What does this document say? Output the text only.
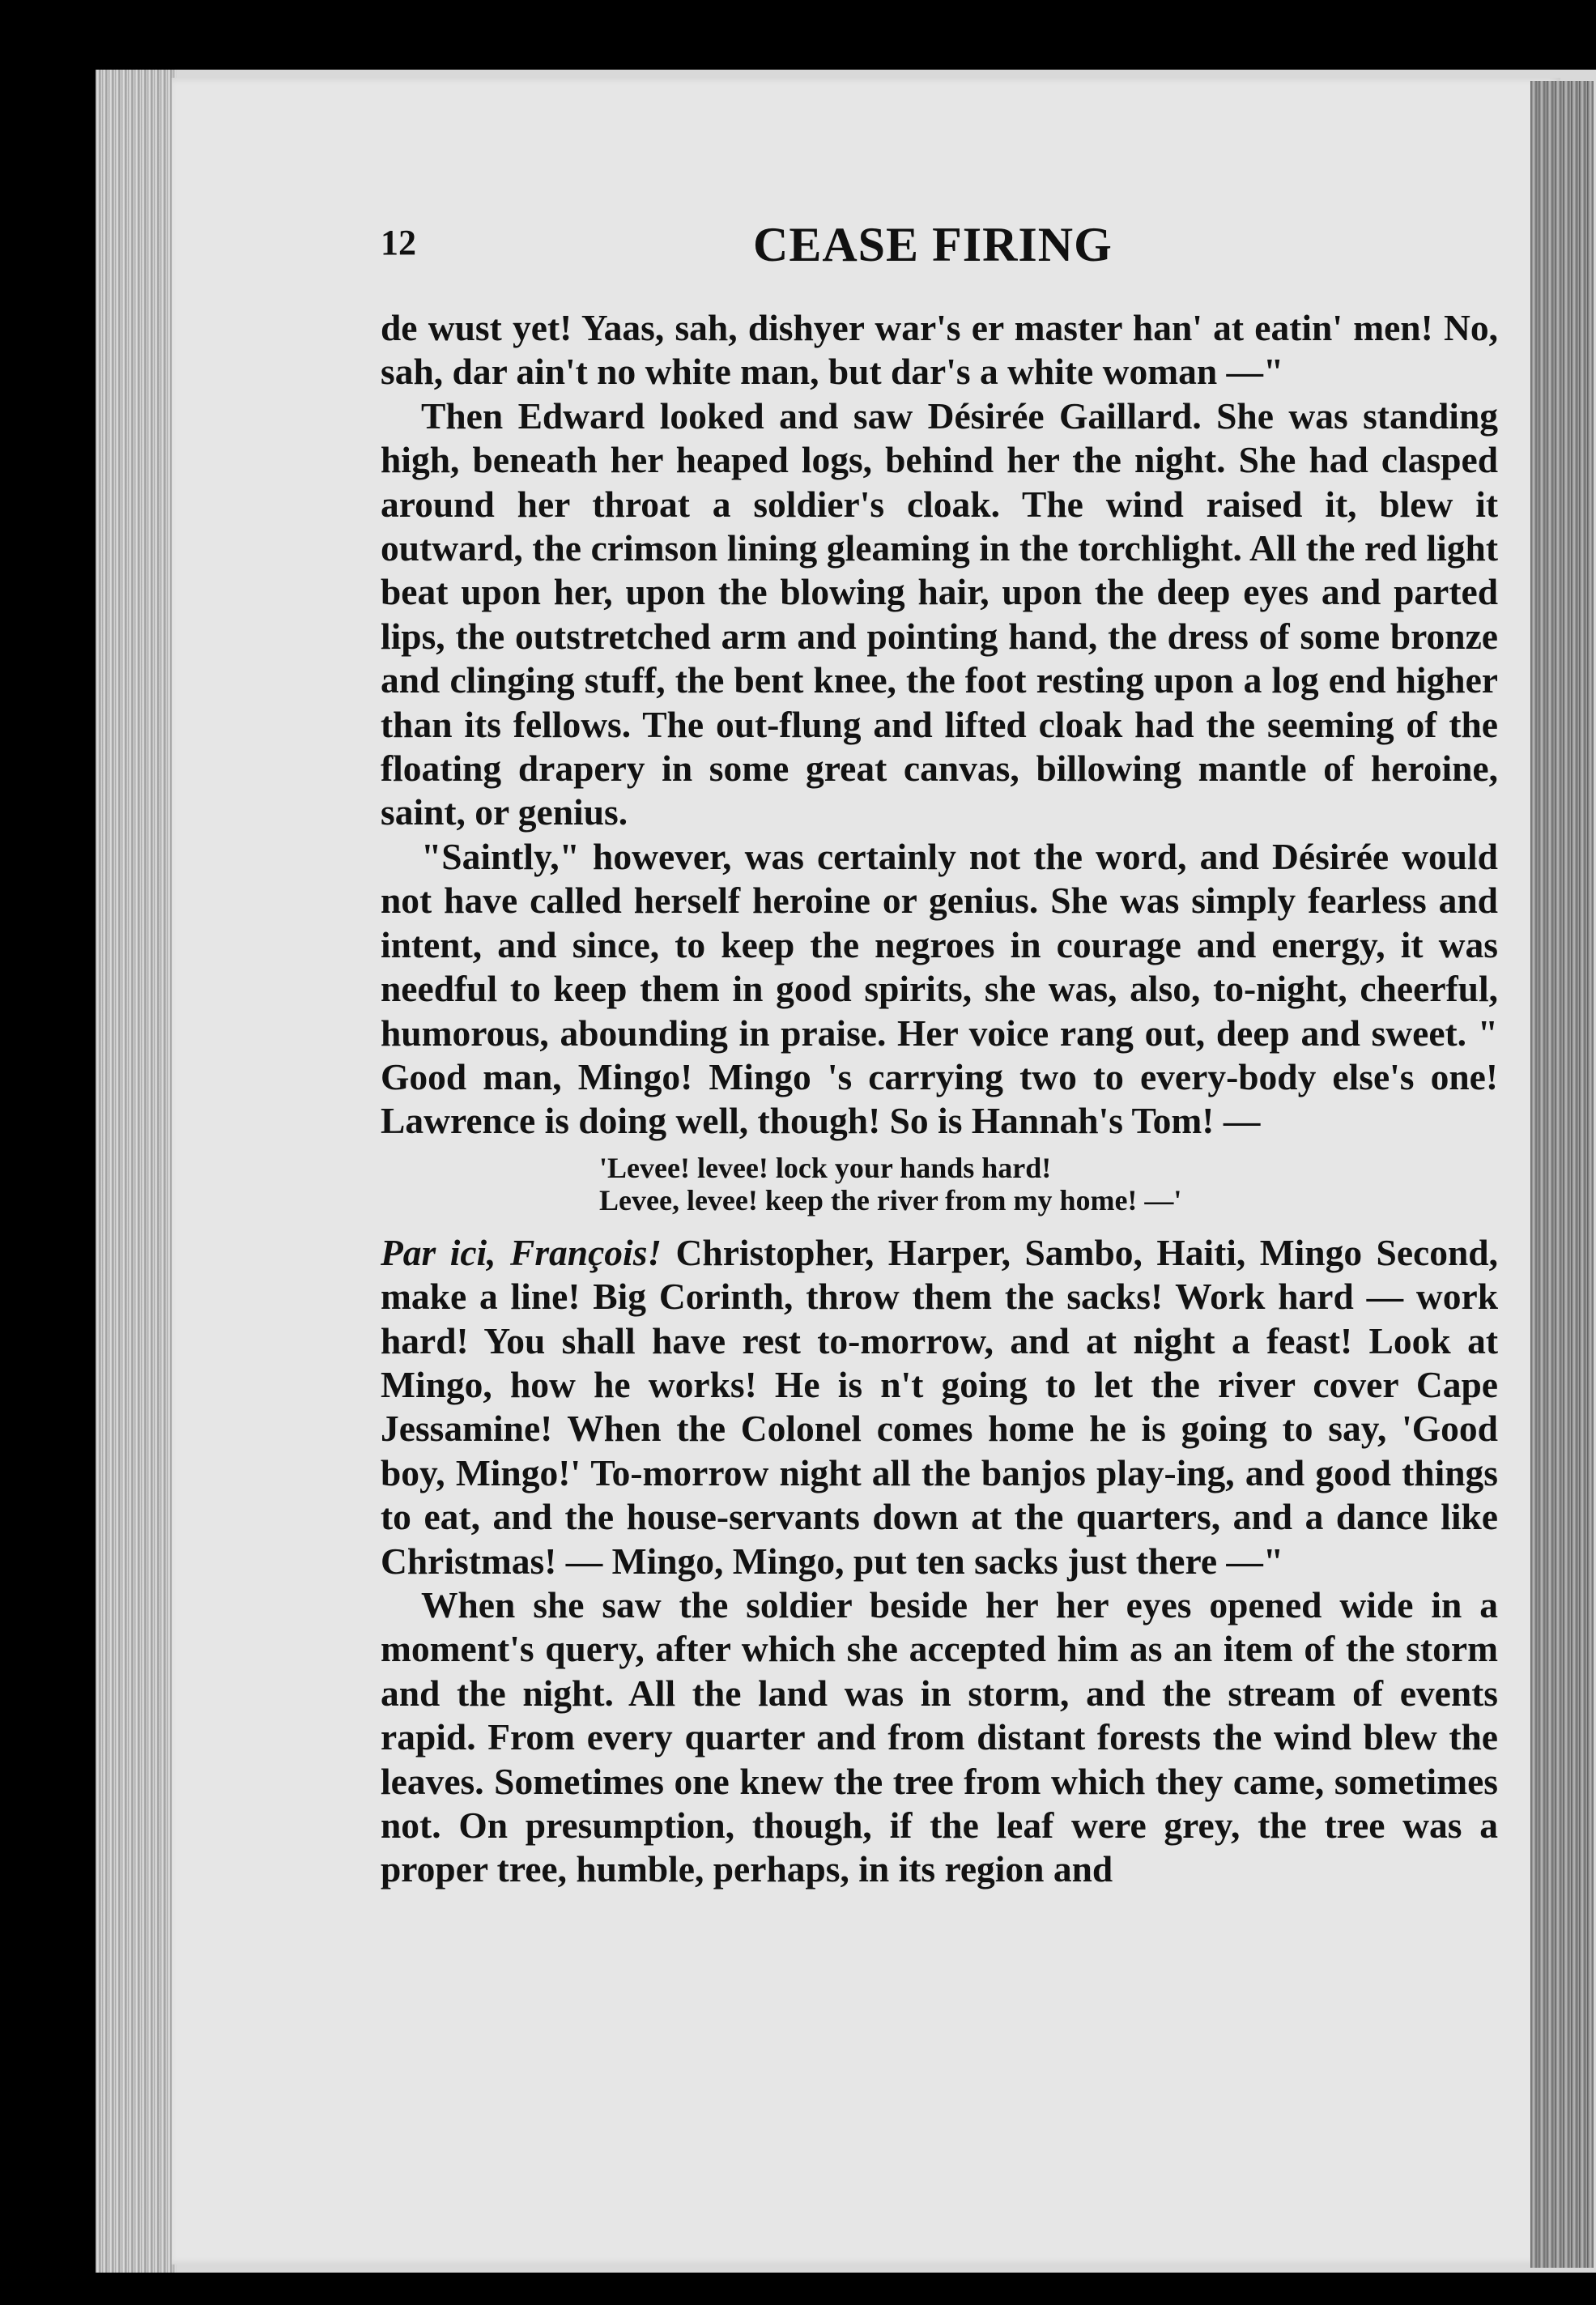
12	CEASE FIRING

de wust yet! Yaas, sah, dishyer war's er master han' at eatin' men! No, sah, dar ain't no white man, but dar's a white woman —"

Then Edward looked and saw Désirée Gaillard. She was standing high, beneath her heaped logs, behind her the night. She had clasped around her throat a soldier's cloak. The wind raised it, blew it outward, the crimson lining gleaming in the torchlight. All the red light beat upon her, upon the blowing hair, upon the deep eyes and parted lips, the outstretched arm and pointing hand, the dress of some bronze and clinging stuff, the bent knee, the foot resting upon a log end higher than its fellows. The out-flung and lifted cloak had the seeming of the floating drapery in some great canvas, billowing mantle of heroine, saint, or genius.

"Saintly," however, was certainly not the word, and Désirée would not have called herself heroine or genius. She was simply fearless and intent, and since, to keep the negroes in courage and energy, it was needful to keep them in good spirits, she was, also, to-night, cheerful, humorous, abounding in praise. Her voice rang out, deep and sweet. " Good man, Mingo! Mingo 's carrying two to every-body else's one! Lawrence is doing well, though! So is Hannah's Tom! —

'Levee! levee! lock your hands hard!
Levee, levee! keep the river from my home! —'

Par ici, François! Christopher, Harper, Sambo, Haiti, Mingo Second, make a line! Big Corinth, throw them the sacks! Work hard — work hard! You shall have rest to-morrow, and at night a feast! Look at Mingo, how he works! He is n't going to let the river cover Cape Jessamine! When the Colonel comes home he is going to say, 'Good boy, Mingo!' To-morrow night all the banjos play-ing, and good things to eat, and the house-servants down at the quarters, and a dance like Christmas! — Mingo, Mingo, put ten sacks just there —"

When she saw the soldier beside her her eyes opened wide in a moment's query, after which she accepted him as an item of the storm and the night. All the land was in storm, and the stream of events rapid. From every quarter and from distant forests the wind blew the leaves. Sometimes one knew the tree from which they came, sometimes not. On presumption, though, if the leaf were grey, the tree was a proper tree, humble, perhaps, in its region and
